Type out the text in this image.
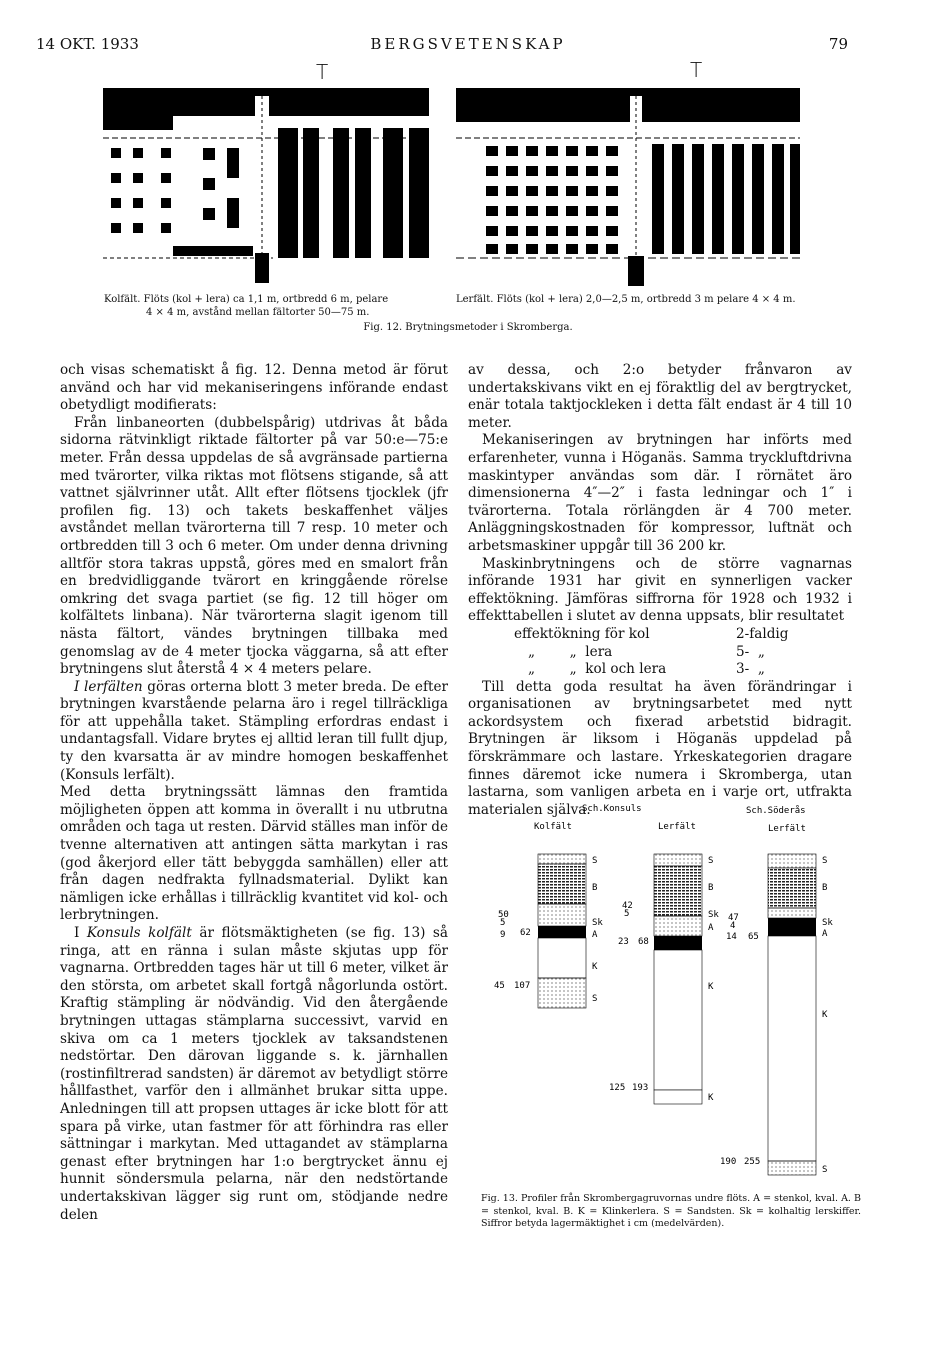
14 OKT. 1933	BERGSVETENSKAP	79
T	T
Kolfält. Flöts (kol + lera) ca 1,1 m, ortbredd 6 m, pelare
4 × 4 m, avstånd mellan fältorter 50—75 m.
Lerfält. Flöts (kol + lera) 2,0—2,5 m, ortbredd 3 m pelare 4 × 4 m.
Fig. 12. Brytningsmetoder i Skromberga.

och visas schematiskt å fig. 12. Denna metod är förut använd och har vid mekaniseringens införande endast obetydligt modifierats:

Från linbaneorten (dubbelspårig) utdrivas åt båda sidorna rätvinkligt riktade fältorter på var 50:e—75:e meter. Från dessa uppdelas de så avgränsade partierna med tvärorter, vilka riktas mot flötsens stigande, så att vattnet självrinner utåt. Allt efter flötsens tjocklek (jfr profilen fig. 13) och takets beskaffenhet väljes avståndet mellan tvärorterna till 7 resp. 10 meter och ortbredden till 3 och 6 meter. Om under denna drivning alltför stora takras uppstå, göres med en smalort från en bredvidliggande tvärort en kringgående rörelse omkring det svaga partiet (se fig. 12 till höger om kolfältets linbana). När tvärorterna slagit igenom till nästa fältort, vändes brytningen tillbaka med genomslag av de 4 meter tjocka väggarna, så att efter brytningens slut återstå 4 × 4 meters pelare.

I lerfälten göras orterna blott 3 meter breda. De efter brytningen kvarstående pelarna äro i regel tillräckliga för att uppehålla taket. Stämpling erfordras endast i undantagsfall. Vidare brytes ej alltid leran till fullt djup, ty den kvarsatta är av mindre homogen beskaffenhet (Konsuls lerfält).

Med detta brytningssätt lämnas den framtida möjligheten öppen att komma in överallt i nu utbrutna områden och taga ut resten. Därvid ställes man inför de tvenne alternativen att antingen sätta markytan i ras (god åkerjord eller tätt bebyggda samhällen) eller att från dagen nedfrakta fyllnadsmaterial. Dylikt kan nämligen icke erhållas i tillräcklig kvantitet vid kol- och lerbrytningen.

I Konsuls kolfält är flötsmäktigheten (se fig. 13) så ringa, att en ränna i sulan måste skjutas upp för vagnarna. Ortbredden tages här ut till 6 meter, vilket är den största, om arbetet skall fortgå någorlunda ostört. Kraftig stämpling är nödvändig. Vid den återgående brytningen uttagas stämplarna successivt, varvid en skiva om ca 1 meters tjocklek av taksandstenen nedstörtar. Den därovan liggande s. k. järnhallen (rostinfiltrerad sandsten) är däremot av betydligt större hållfasthet, varför den i allmänhet brukar sitta uppe. Anledningen till att propsen uttages är icke blott för att spara på virke, utan fastmer för att förhindra ras eller sättningar i markytan. Med uttagandet av stämplarna genast efter brytningen har 1:o bergtrycket ännu ej hunnit söndersmula pelarna, när den nedstörtande undertakskivan lägger sig runt om, stödjande nedre delen

av dessa, och 2:o betyder frånvaron av undertakskivans vikt en ej föraktlig del av bergtrycket, enär totala taktjockleken i detta fält endast är 4 till 10 meter.

Mekaniseringen av brytningen har införts med erfarenheter, vunna i Höganäs. Samma tryckluftdrivna maskintyper användas som där. I rörnätet äro dimensionerna 4″—2″ i fasta ledningar och 1″ i tvärorterna. Totala rörlängden är 4 700 meter. Anläggningskostnaden för kompressor, luftnät och arbetsmaskiner uppgår till 36 200 kr.

Maskinbrytningens och de större vagnarnas införande 1931 har givit en synnerligen vacker effektökning. Jämföras siffrorna för 1928 och 1932 i effekttabellen i slutet av denna uppsats, blir resultatet

effektökning för kol	2-faldig
„        „  lera	5-  „
„        „  kol och lera	3-  „

Till detta goda resultat ha även förändringar i organisationen av brytningsarbetet med nytt ackordsystem och fixerad arbetstid bidragit. Brytningen är liksom i Höganäs uppdelad på förskrämmare och lastare. Yrkeskategorien dragare finnes däremot icke numera i Skromberga, utan lastarna, som vanligen arbeta en i varje ort, utfrakta materialen själva.

Sch.Konsuls	Sch.Söderås
Kolfält	Lerfält	Lerfält
S
B
Sk
A
K
S
50
5
9
45
62
107
S
B
Sk
A
K
K
42
5
23
125
68
193
S
B
Sk
A
K
S
47
4
14
190
65
255
Fig. 13. Profiler från Skrombergagruvornas undre flöts. A = stenkol, kval. A. B = stenkol, kval. B. K = Klinkerlera. S = Sandsten. Sk = kolhaltig lerskiffer. Siffror betyda lagermäktighet i cm (medelvärden).
